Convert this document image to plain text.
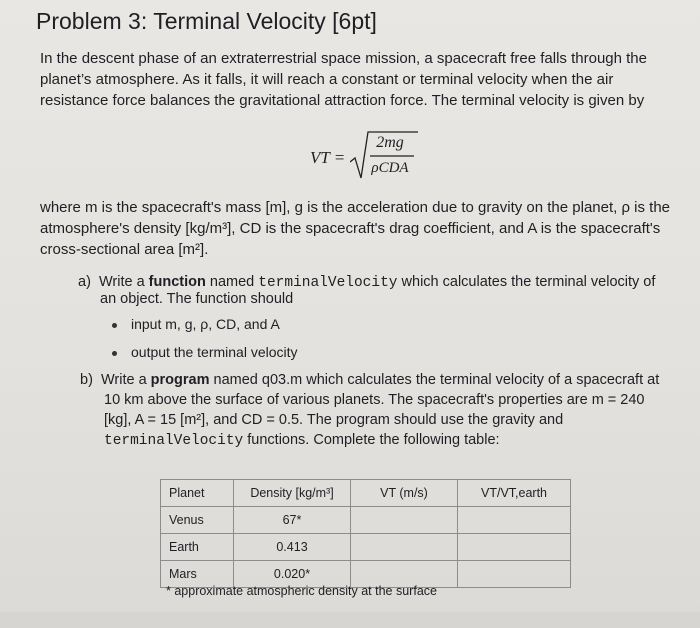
Problem 3: Terminal Velocity [6pt]
In the descent phase of an extraterrestrial space mission, a spacecraft free falls through the
planet’s atmosphere. As it falls, it will reach a constant or terminal velocity when the air
resistance force balances the gravitational attraction force. The terminal velocity is given by
VT =
2mg
ρCDA
where m is the spacecraft's mass [m], g is the acceleration due to gravity on the planet, ρ is the
atmosphere's density [kg/m³], CD is the spacecraft's drag coefficient, and A is the spacecraft's
cross-sectional area [m²].
a) Write a function named terminalVelocity which calculates the terminal velocity of
an object. The function should
input m, g, ρ, CD, and A
output the terminal velocity
b) Write a program named q03.m which calculates the terminal velocity of a spacecraft at
10 km above the surface of various planets. The spacecraft's properties are m = 240
[kg], A = 15 [m²], and CD = 0.5. The program should use the gravity and
terminalVelocity functions. Complete the following table:
Planet	Density [kg/m³]	VT (m/s)	VT/VT,earth
Venus	67*		
Earth	0.413		
Mars	0.020*		
* approximate atmospheric density at the surface
